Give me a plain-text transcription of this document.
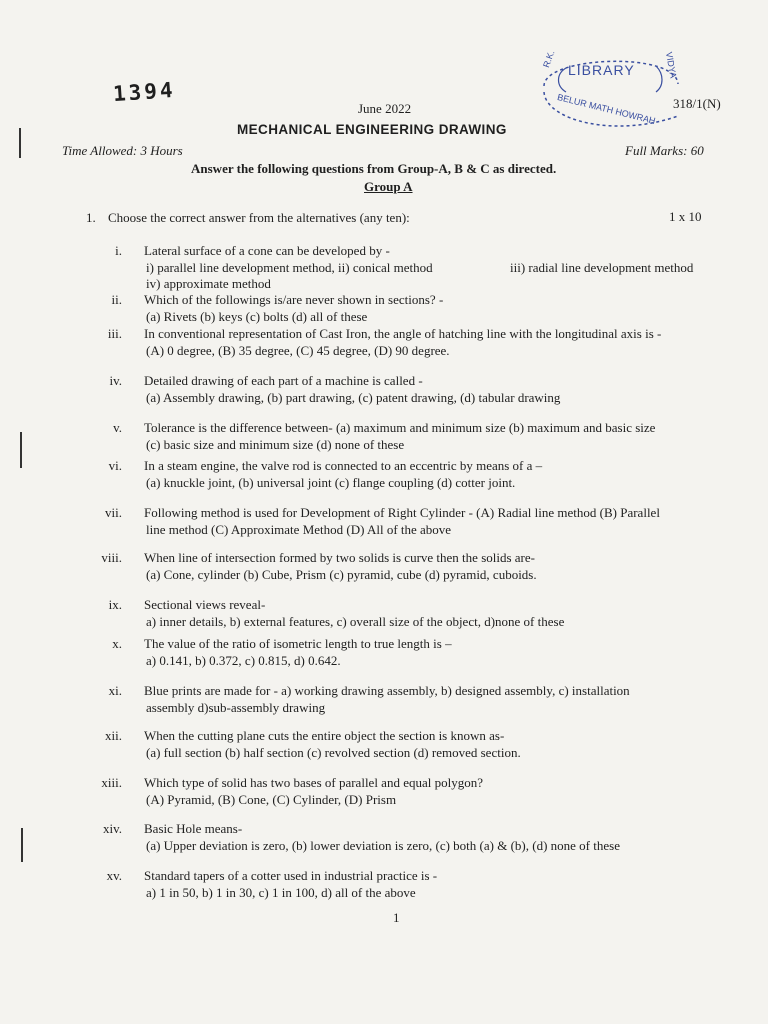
1394
June 2022	318/1(N)
MECHANICAL ENGINEERING DRAWING
Time Allowed: 3 Hours	Full Marks: 60
Answer the following questions from Group-A, B & C as directed.
Group A
LIBRARY
R.K.	VIDYA
BELUR MATH HOWRAH
1. Choose the correct answer from the alternatives (any ten):	1 x 10
i. Lateral surface of a cone can be developed by -
i) parallel line development method, ii) conical method
iv) approximate method
iii) radial line development method
ii. Which of the followings is/are never shown in sections? -
(a) Rivets (b) keys (c) bolts (d) all of these
iii. In conventional representation of Cast Iron, the angle of hatching line with the longitudinal axis is -
(A) 0 degree, (B) 35 degree, (C) 45 degree, (D) 90 degree.
iv. Detailed drawing of each part of a machine is called -
(a) Assembly drawing, (b) part drawing, (c) patent drawing, (d) tabular drawing
v. Tolerance is the difference between- (a) maximum and minimum size (b) maximum and basic size
(c) basic size and minimum size (d) none of these
vi. In a steam engine, the valve rod is connected to an eccentric by means of a –
(a) knuckle joint, (b) universal joint (c) flange coupling (d) cotter joint.
vii. Following method is used for Development of Right Cylinder - (A) Radial line method (B) Parallel
line method (C) Approximate Method (D) All of the above
viii. When line of intersection formed by two solids is curve then the solids are-
(a) Cone, cylinder (b) Cube, Prism (c) pyramid, cube (d) pyramid, cuboids.
ix. Sectional views reveal-
a) inner details, b) external features, c) overall size of the object, d)none of these
x. The value of the ratio of isometric length to true length is –
a) 0.141, b) 0.372, c) 0.815, d) 0.642.
xi. Blue prints are made for - a) working drawing assembly, b) designed assembly, c) installation
assembly d)sub-assembly drawing
xii. When the cutting plane cuts the entire object the section is known as-
(a) full section (b) half section (c) revolved section (d) removed section.
xiii. Which type of solid has two bases of parallel and equal polygon?
(A) Pyramid, (B) Cone, (C) Cylinder, (D) Prism
xiv. Basic Hole means-
(a) Upper deviation is zero, (b) lower deviation is zero, (c) both (a) & (b), (d) none of these
xv. Standard tapers of a cotter used in industrial practice is -
a) 1 in 50, b) 1 in 30, c) 1 in 100, d) all of the above
1
